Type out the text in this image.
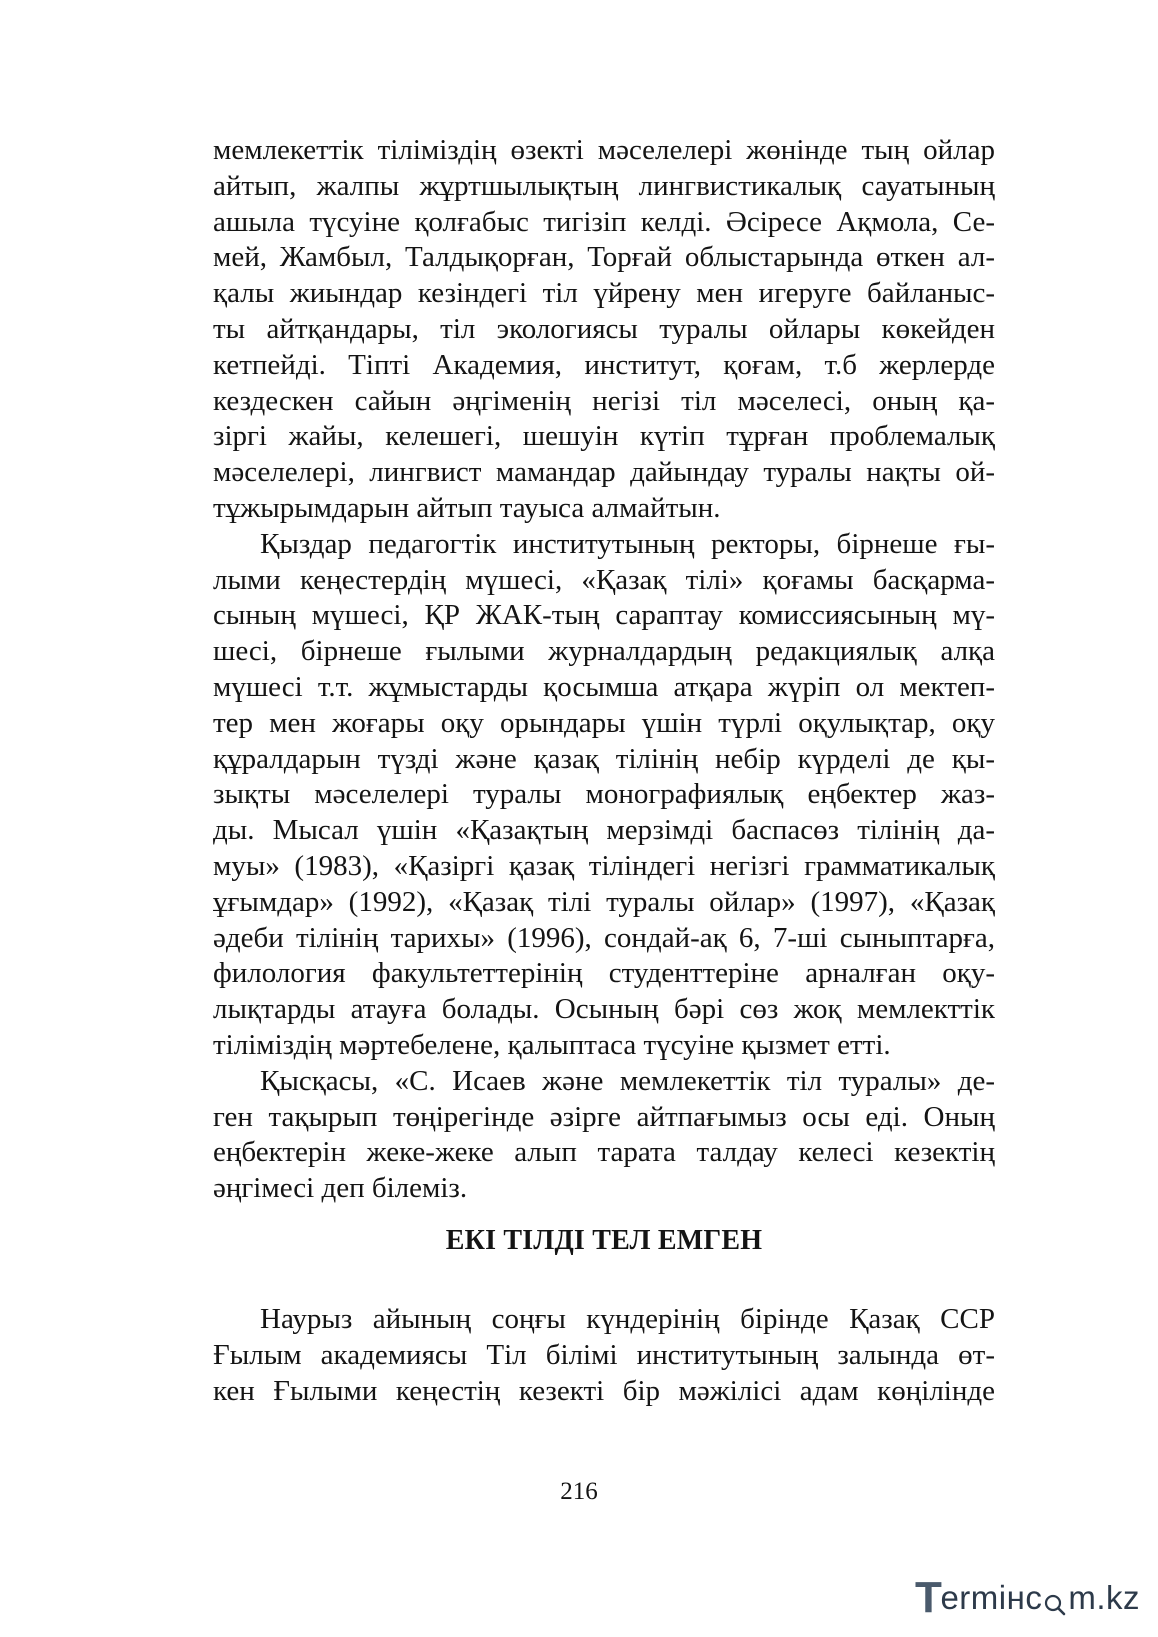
мемлекеттік тіліміздің өзекті мәселелері жөнінде тың ойлар
айтып, жалпы жұртшылықтың лингвистикалық сауатының
ашыла түсуіне қолғабыс тигізіп келді. Әсіресе Ақмола, Се-
мей, Жамбыл, Талдықорған, Торғай облыстарында өткен ал-
қалы жиындар кезіндегі тіл үйрену мен игеруге байланыс-
ты айтқандары, тіл экологиясы туралы ойлары көкейден
кетпейді. Тіпті Академия, институт, қоғам, т.б жерлерде
кездескен сайын әңгіменің негізі тіл мәселесі, оның қа-
зіргі жайы, келешегі, шешуін күтіп тұрған проблемалық
мәселелері, лингвист мамандар дайындау туралы нақты ой-
тұжырымдарын айтып тауыса алмайтын.
Қыздар педагогтік институтының ректоры, бірнеше ғы-
лыми кеңестердің мүшесі, «Қазақ тілі» қоғамы басқарма-
сының мүшесі, ҚР ЖАК-тың сараптау комиссиясының мү-
шесі, бірнеше ғылыми журналдардың редакциялық алқа
мүшесі т.т. жұмыстарды қосымша атқара жүріп ол мектеп-
тер мен жоғары оқу орындары үшін түрлі оқулықтар, оқу
құралдарын түзді және қазақ тілінің небір күрделі де қы-
зықты мәселелері туралы монографиялық еңбектер жаз-
ды. Мысал үшін «Қазақтың мерзімді баспасөз тілінің да-
муы» (1983), «Қазіргі қазақ тіліндегі негізгі грамматикалық
ұғымдар» (1992), «Қазақ тілі туралы ойлар» (1997), «Қазақ
әдеби тілінің тарихы» (1996), сондай-ақ 6, 7-ші сыныптарға,
филология факультеттерінің студенттеріне арналған оқу-
лықтарды атауға болады. Осының бәрі сөз жоқ мемлекттік
тіліміздің мәртебелене, қалыптаса түсуіне қызмет етті.
Қысқасы, «С. Исаев және мемлекеттік тіл туралы» де-
ген тақырып төңірегінде әзірге айтпағымыз осы еді. Оның
еңбектерін жеке-жеке алып тарата талдау келесі кезектің
әңгімесі деп білеміз.
ЕКІ ТІЛДІ ТЕЛ ЕМГЕН
Наурыз айының соңғы күндерінің бірінде Қазақ ССР
Ғылым академиясы Тіл білімі институтының залында өт-
кен Ғылыми кеңестің кезекті бір мәжілісі адам көңілінде
216
T
ermінс m.kz
